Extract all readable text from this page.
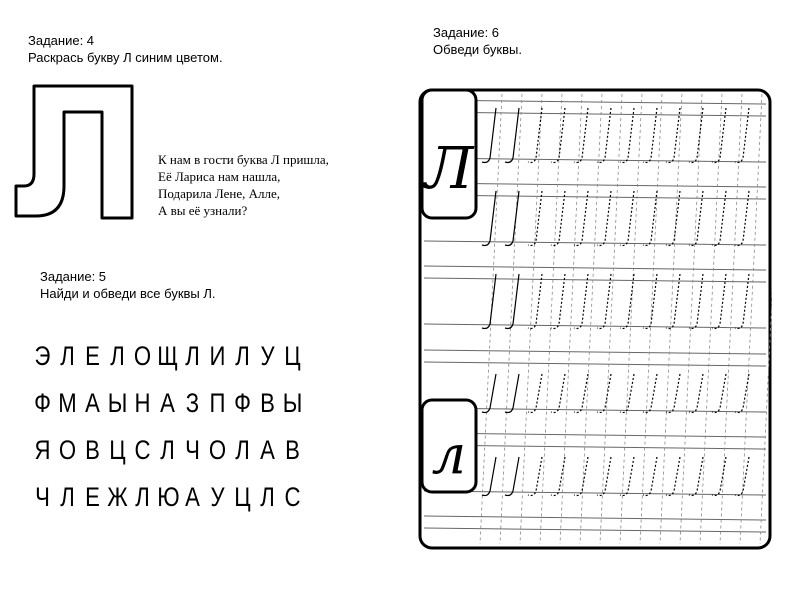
Задание: 4
Раскрась букву Л синим цветом.
Л
К нам в гости буква Л пришла,
Её Лариса нам нашла,
Подарила Лене, Алле,
А вы её узнали?
Задание: 5
Найди и обведи все буквы Л.
Э Л Е Л О Щ Л И Л У Ц
Ф М А Ы Н А З П Ф В Ы
Я О В Ц С Л Ч О Л А В
Ч Л Е Ж Л Ю А У Ц Л С
Задание: 6
Обведи буквы.
Л
л
